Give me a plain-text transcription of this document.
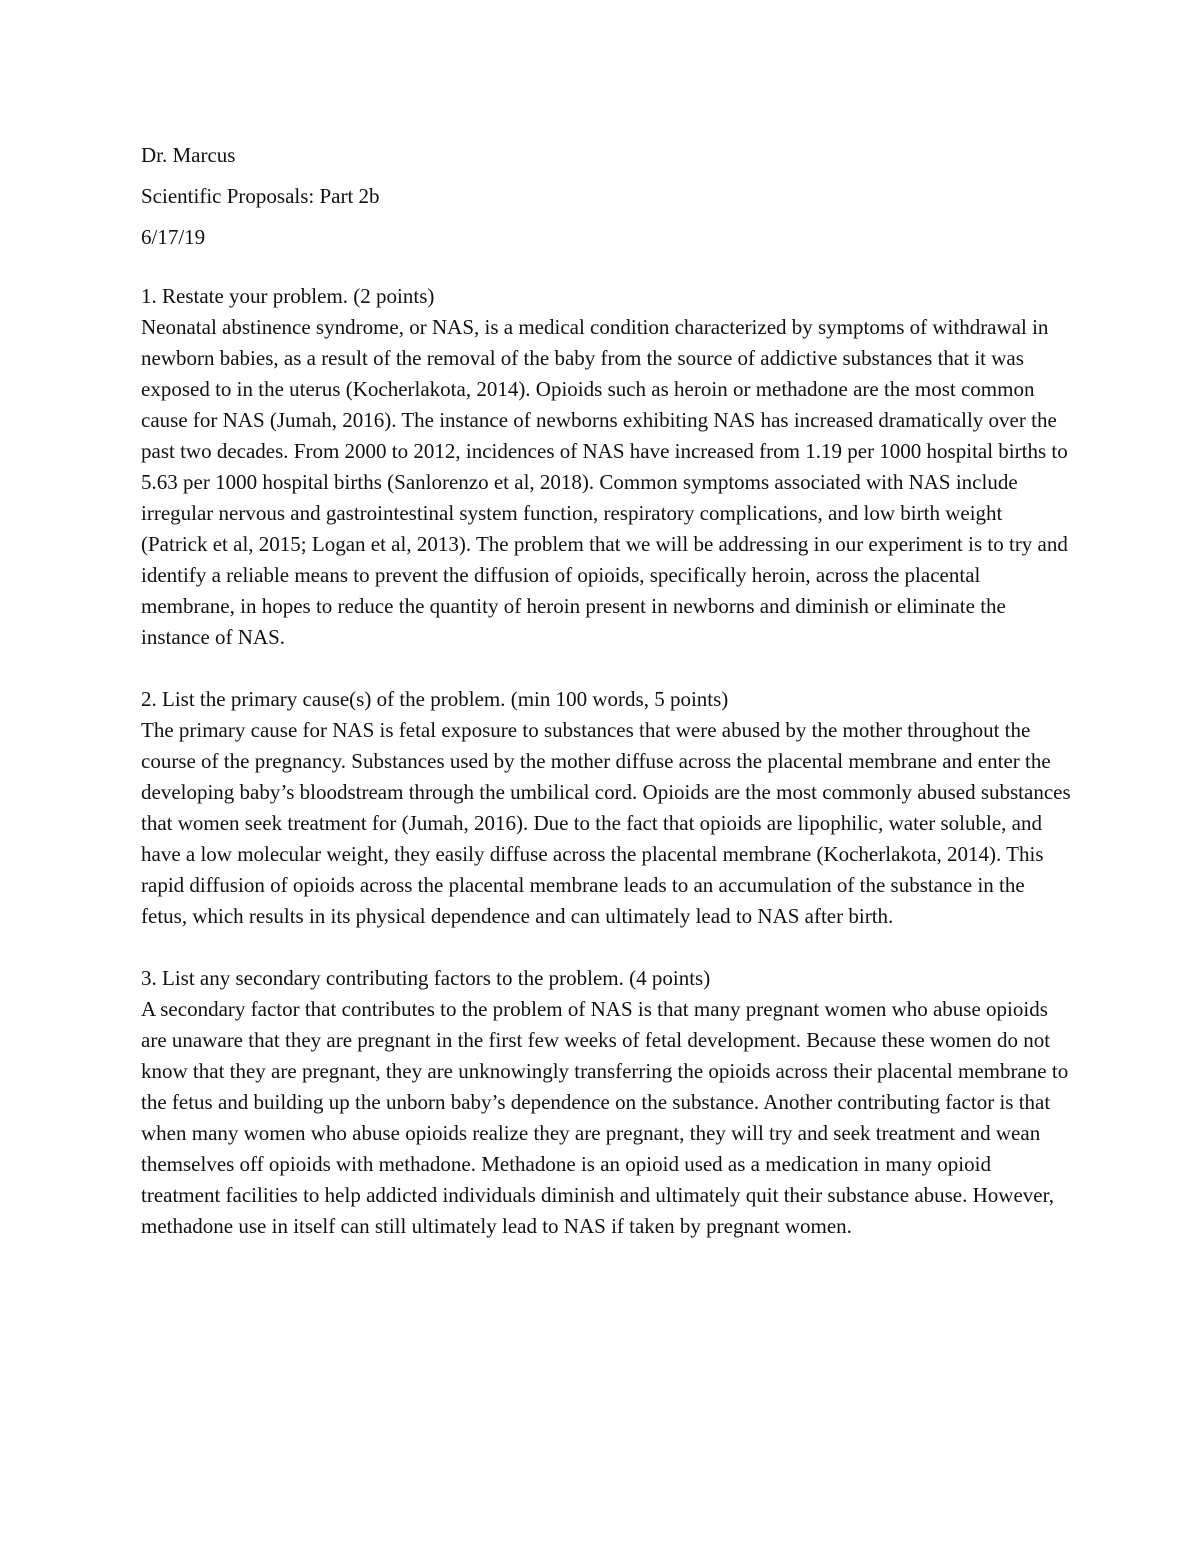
Dr. Marcus

Scientific Proposals: Part 2b

6/17/19

1. Restate your problem. (2 points)

Neonatal abstinence syndrome, or NAS, is a medical condition characterized by symptoms of withdrawal in newborn babies, as a result of the removal of the baby from the source of addictive substances that it was exposed to in the uterus (Kocherlakota, 2014). Opioids such as heroin or methadone are the most common cause for NAS (Jumah, 2016). The instance of newborns exhibiting NAS has increased dramatically over the past two decades. From 2000 to 2012, incidences of NAS have increased from 1.19 per 1000 hospital births to 5.63 per 1000 hospital births (Sanlorenzo et al, 2018). Common symptoms associated with NAS include irregular nervous and gastrointestinal system function, respiratory complications, and low birth weight (Patrick et al, 2015; Logan et al, 2013). The problem that we will be addressing in our experiment is to try and identify a reliable means to prevent the diffusion of opioids, specifically heroin, across the placental membrane, in hopes to reduce the quantity of heroin present in newborns and diminish or eliminate the instance of NAS.

2. List the primary cause(s) of the problem. (min 100 words, 5 points)

The primary cause for NAS is fetal exposure to substances that were abused by the mother throughout the course of the pregnancy. Substances used by the mother diffuse across the placental membrane and enter the developing baby’s bloodstream through the umbilical cord. Opioids are the most commonly abused substances that women seek treatment for (Jumah, 2016). Due to the fact that opioids are lipophilic, water soluble, and have a low molecular weight, they easily diffuse across the placental membrane (Kocherlakota, 2014). This rapid diffusion of opioids across the placental membrane leads to an accumulation of the substance in the fetus, which results in its physical dependence and can ultimately lead to NAS after birth.

3. List any secondary contributing factors to the problem. (4 points)

A secondary factor that contributes to the problem of NAS is that many pregnant women who abuse opioids are unaware that they are pregnant in the first few weeks of fetal development. Because these women do not know that they are pregnant, they are unknowingly transferring the opioids across their placental membrane to the fetus and building up the unborn baby’s dependence on the substance. Another contributing factor is that when many women who abuse opioids realize they are pregnant, they will try and seek treatment and wean themselves off opioids with methadone. Methadone is an opioid used as a medication in many opioid treatment facilities to help addicted individuals diminish and ultimately quit their substance abuse. However, methadone use in itself can still ultimately lead to NAS if taken by pregnant women.
